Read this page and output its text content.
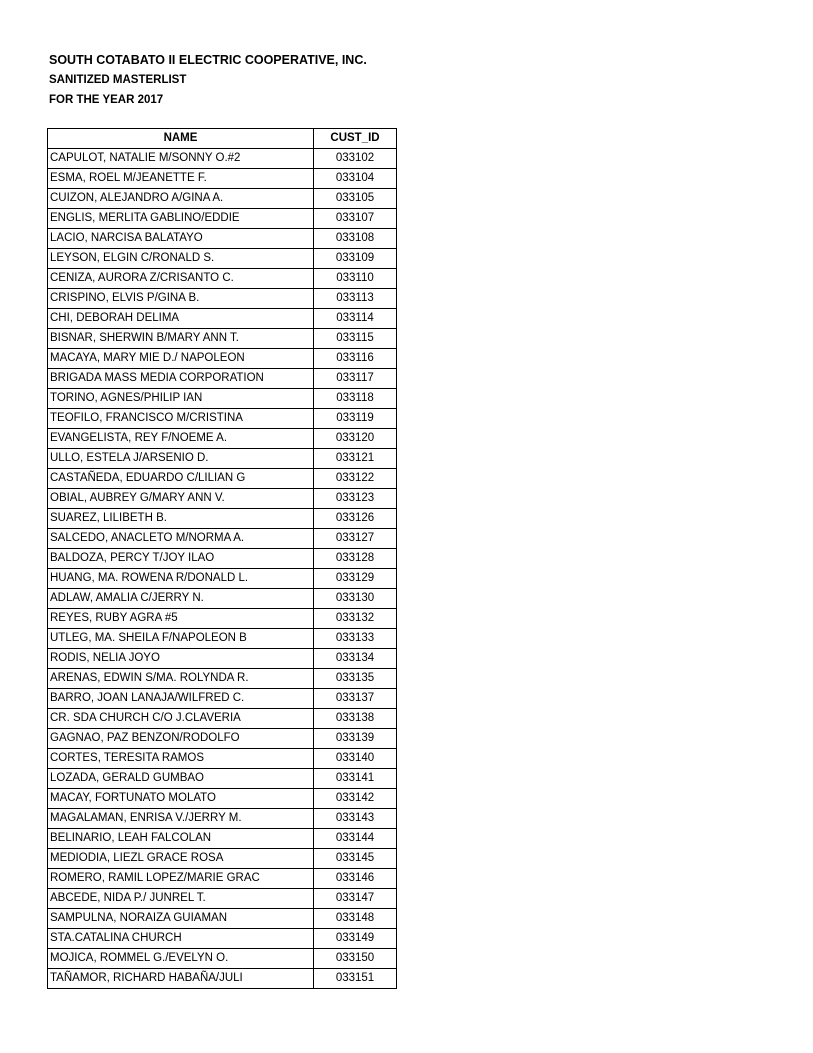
SOUTH COTABATO II ELECTRIC COOPERATIVE, INC.
SANITIZED MASTERLIST
FOR THE YEAR 2017
NAME	CUST_ID
CAPULOT, NATALIE M/SONNY O.#2	033102
ESMA, ROEL M/JEANETTE F.	033104
CUIZON, ALEJANDRO A/GINA A.	033105
ENGLIS, MERLITA GABLINO/EDDIE	033107
LACIO, NARCISA BALATAYO	033108
LEYSON, ELGIN C/RONALD S.	033109
CENIZA, AURORA Z/CRISANTO C.	033110
CRISPINO, ELVIS P/GINA B.	033113
CHI, DEBORAH DELIMA	033114
BISNAR, SHERWIN B/MARY ANN T.	033115
MACAYA, MARY MIE D./ NAPOLEON	033116
BRIGADA MASS MEDIA CORPORATION	033117
TORINO, AGNES/PHILIP IAN	033118
TEOFILO, FRANCISCO M/CRISTINA	033119
EVANGELISTA, REY F/NOEME A.	033120
ULLO, ESTELA J/ARSENIO D.	033121
CASTAÑEDA, EDUARDO C/LILIAN G	033122
OBIAL, AUBREY G/MARY ANN V.	033123
SUAREZ, LILIBETH B.	033126
SALCEDO, ANACLETO M/NORMA A.	033127
BALDOZA, PERCY T/JOY ILAO	033128
HUANG, MA. ROWENA R/DONALD L.	033129
ADLAW, AMALIA C/JERRY N.	033130
REYES, RUBY AGRA #5	033132
UTLEG, MA. SHEILA F/NAPOLEON B	033133
RODIS, NELIA JOYO	033134
ARENAS, EDWIN S/MA. ROLYNDA R.	033135
BARRO, JOAN LANAJA/WILFRED C.	033137
CR. SDA CHURCH C/O J.CLAVERIA	033138
GAGNAO, PAZ BENZON/RODOLFO	033139
CORTES, TERESITA RAMOS	033140
LOZADA, GERALD GUMBAO	033141
MACAY, FORTUNATO MOLATO	033142
MAGALAMAN, ENRISA V./JERRY M.	033143
BELINARIO, LEAH FALCOLAN	033144
MEDIODIA, LIEZL GRACE ROSA	033145
ROMERO, RAMIL LOPEZ/MARIE GRAC	033146
ABCEDE, NIDA P./ JUNREL T.	033147
SAMPULNA, NORAIZA GUIAMAN	033148
STA.CATALINA CHURCH	033149
MOJICA, ROMMEL G./EVELYN O.	033150
TAÑAMOR, RICHARD HABAÑA/JULI	033151
